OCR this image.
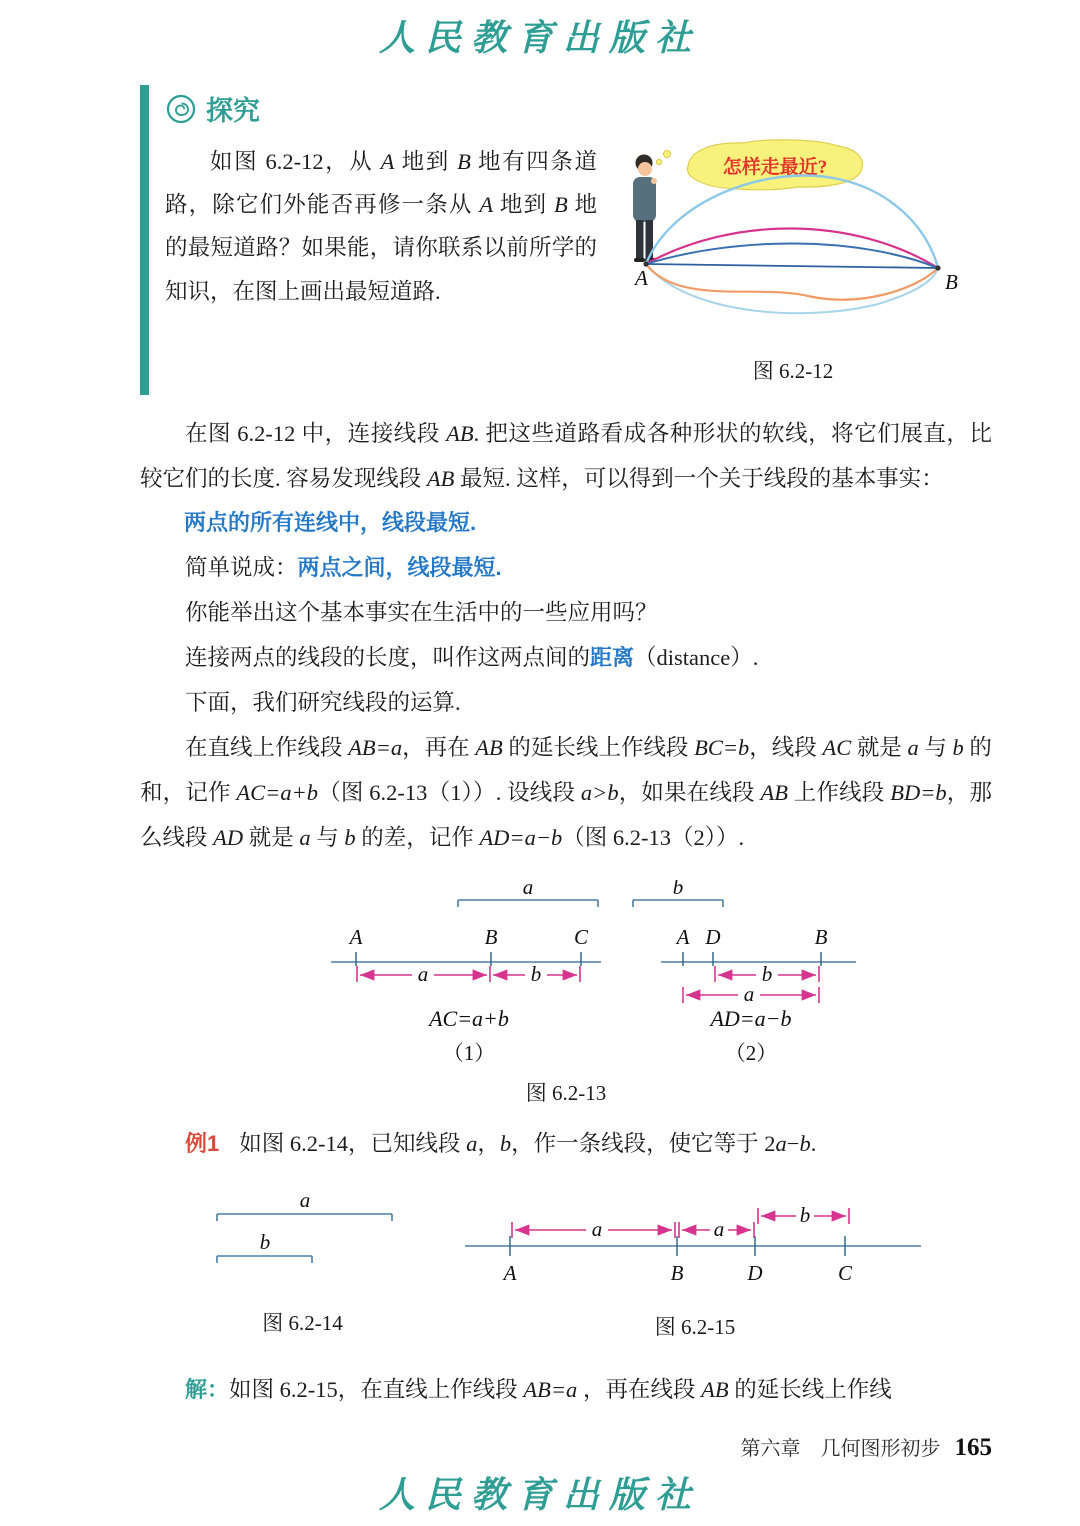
人民教育出版社
探究

如图 6.2-12，从 A 地到 B 地有四条道路，除它们外能否再修一条从 A 地到 B 地的最短道路？如果能，请你联系以前所学的知识，在图上画出最短道路.

怎样走最近?
A	B
图 6.2-12

在图 6.2-12 中，连接线段 AB. 把这些道路看成各种形状的软线，将它们展直，比较它们的长度. 容易发现线段 AB 最短. 这样，可以得到一个关于线段的基本事实：

两点的所有连线中，线段最短.

简单说成：两点之间，线段最短.

你能举出这个基本事实在生活中的一些应用吗？

连接两点的线段的长度，叫作这两点间的距离（distance）.

下面，我们研究线段的运算.

在直线上作线段 AB=a，再在 AB 的延长线上作线段 BC=b，线段 AC 就是 a 与 b 的和，记作 AC=a+b（图 6.2-13（1））. 设线段 a>b，如果在线段 AB 上作线段 BD=b，那么线段 AD 就是 a 与 b 的差，记作 AD=a−b（图 6.2-13（2））.

a	b
A	B	C
a	b
AC=a+b
（1）
A D	B
b
a
AD=a−b
（2）
图 6.2-13

例1 如图 6.2-14，已知线段 a，b，作一条线段，使它等于 2a−b.

a
b
图 6.2-14
a	a
b
A	B	D	C
图 6.2-15

解：如图 6.2-15，在直线上作线段 AB=a ，再在线段 AB 的延长线上作线

第六章　几何图形初步 165
人民教育出版社
